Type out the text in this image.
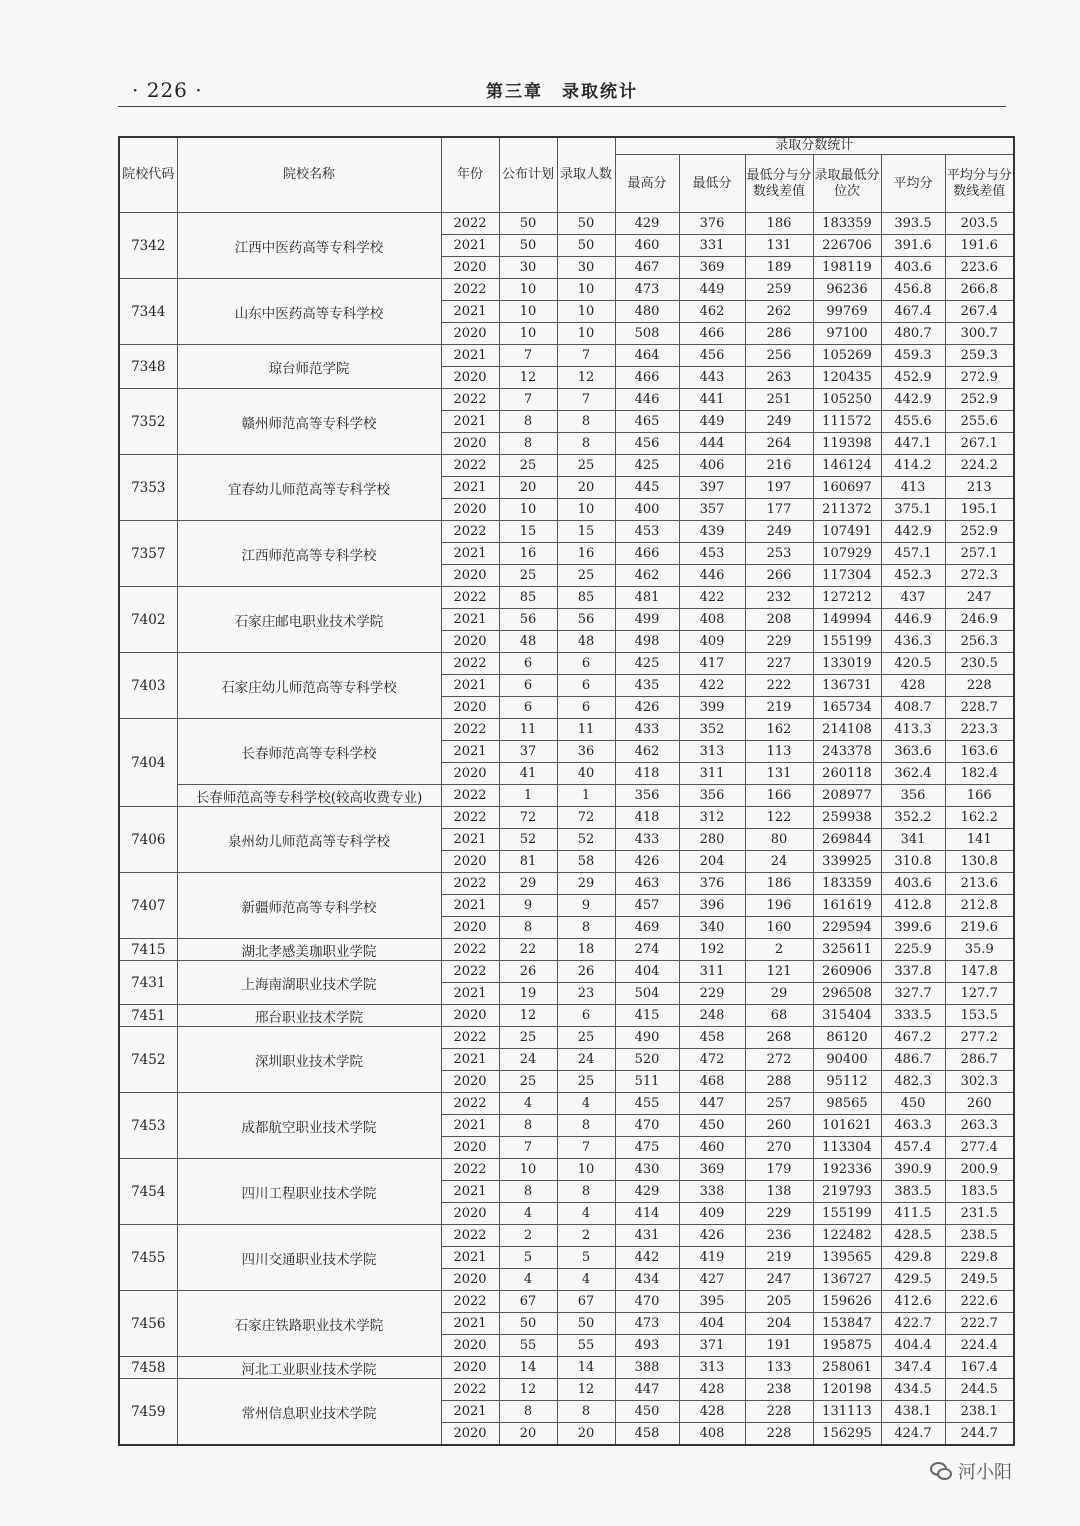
· 226 ·	第三章　录取统计
院校代码	院校名称	年份	公布计划	录取人数	录取分数统计					
					最高分	最低分	最低分与分数线差值	录取最低分位次	平均分	平均分与分数线差值
7342	江西中医药高等专科学校	2022	50	50	429	376	186	183359	393.5	203.5
		2021	50	50	460	331	131	226706	391.6	191.6
		2020	30	30	467	369	189	198119	403.6	223.6
7344	山东中医药高等专科学校	2022	10	10	473	449	259	96236	456.8	266.8
		2021	10	10	480	462	262	99769	467.4	267.4
		2020	10	10	508	466	286	97100	480.7	300.7
7348	琼台师范学院	2021	7	7	464	456	256	105269	459.3	259.3
		2020	12	12	466	443	263	120435	452.9	272.9
7352	赣州师范高等专科学校	2022	7	7	446	441	251	105250	442.9	252.9
		2021	8	8	465	449	249	111572	455.6	255.6
		2020	8	8	456	444	264	119398	447.1	267.1
7353	宜春幼儿师范高等专科学校	2022	25	25	425	406	216	146124	414.2	224.2
		2021	20	20	445	397	197	160697	413	213
		2020	10	10	400	357	177	211372	375.1	195.1
7357	江西师范高等专科学校	2022	15	15	453	439	249	107491	442.9	252.9
		2021	16	16	466	453	253	107929	457.1	257.1
		2020	25	25	462	446	266	117304	452.3	272.3
7402	石家庄邮电职业技术学院	2022	85	85	481	422	232	127212	437	247
		2021	56	56	499	408	208	149994	446.9	246.9
		2020	48	48	498	409	229	155199	436.3	256.3
7403	石家庄幼儿师范高等专科学校	2022	6	6	425	417	227	133019	420.5	230.5
		2021	6	6	435	422	222	136731	428	228
		2020	6	6	426	399	219	165734	408.7	228.7
7404	长春师范高等专科学校	2022	11	11	433	352	162	214108	413.3	223.3
		2021	37	36	462	313	113	243378	363.6	163.6
		2020	41	40	418	311	131	260118	362.4	182.4
	长春师范高等专科学校(较高收费专业)	2022	1	1	356	356	166	208977	356	166
7406	泉州幼儿师范高等专科学校	2022	72	72	418	312	122	259938	352.2	162.2
		2021	52	52	433	280	80	269844	341	141
		2020	81	58	426	204	24	339925	310.8	130.8
7407	新疆师范高等专科学校	2022	29	29	463	376	186	183359	403.6	213.6
		2021	9	9	457	396	196	161619	412.8	212.8
		2020	8	8	469	340	160	229594	399.6	219.6
7415	湖北孝感美珈职业学院	2022	22	18	274	192	2	325611	225.9	35.9
7431	上海南湖职业技术学院	2022	26	26	404	311	121	260906	337.8	147.8
		2021	19	23	504	229	29	296508	327.7	127.7
7451	邢台职业技术学院	2020	12	6	415	248	68	315404	333.5	153.5
7452	深圳职业技术学院	2022	25	25	490	458	268	86120	467.2	277.2
		2021	24	24	520	472	272	90400	486.7	286.7
		2020	25	25	511	468	288	95112	482.3	302.3
7453	成都航空职业技术学院	2022	4	4	455	447	257	98565	450	260
		2021	8	8	470	450	260	101621	463.3	263.3
		2020	7	7	475	460	270	113304	457.4	277.4
7454	四川工程职业技术学院	2022	10	10	430	369	179	192336	390.9	200.9
		2021	8	8	429	338	138	219793	383.5	183.5
		2020	4	4	414	409	229	155199	411.5	231.5
7455	四川交通职业技术学院	2022	2	2	431	426	236	122482	428.5	238.5
		2021	5	5	442	419	219	139565	429.8	229.8
		2020	4	4	434	427	247	136727	429.5	249.5
7456	石家庄铁路职业技术学院	2022	67	67	470	395	205	159626	412.6	222.6
		2021	50	50	473	404	204	153847	422.7	222.7
		2020	55	55	493	371	191	195875	404.4	224.4
7458	河北工业职业技术学院	2020	14	14	388	313	133	258061	347.4	167.4
7459	常州信息职业技术学院	2022	12	12	447	428	238	120198	434.5	244.5
		2021	8	8	450	428	228	131113	438.1	238.1
		2020	20	20	458	408	228	156295	424.7	244.7
河小阳
